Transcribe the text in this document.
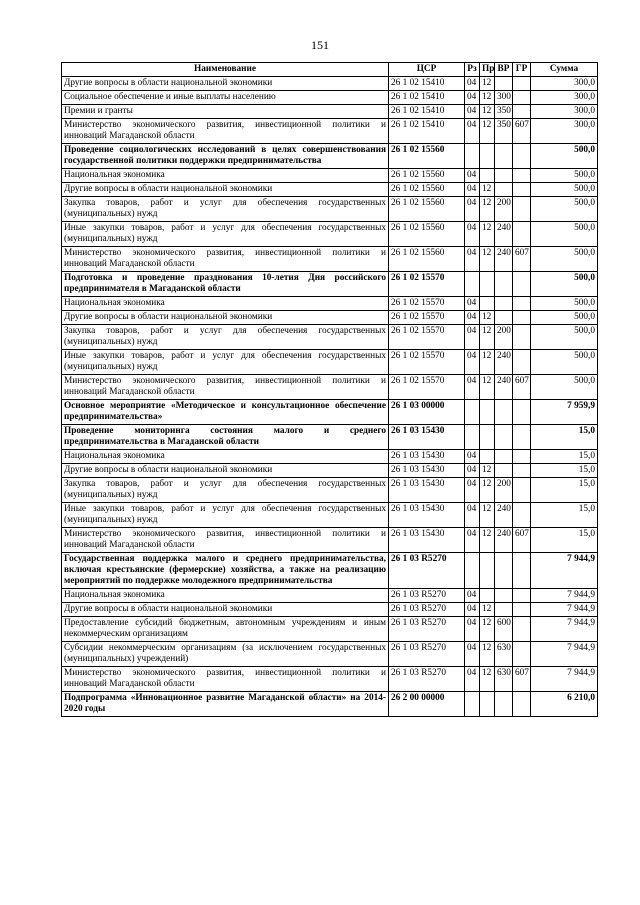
151
Наименование	ЦСР	Рз	Пр	ВР	ГР	Сумма
Другие вопросы в области национальной экономики	26 1 02 15410	04	12			300,0
Социальное обеспечение и иные выплаты населению	26 1 02 15410	04	12	300		300,0
Премии и гранты	26 1 02 15410	04	12	350		300,0
Министерство экономического развития, инвестиционной политики и инноваций Магаданской области	26 1 02 15410	04	12	350	607	300,0
Проведение социологических исследований в целях совершенствования государственной политики поддержки предпринимательства	26 1 02 15560					500,0
Национальная экономика	26 1 02 15560	04				500,0
Другие вопросы в области национальной экономики	26 1 02 15560	04	12			500,0
Закупка товаров, работ и услуг для обеспечения государственных (муниципальных) нужд	26 1 02 15560	04	12	200		500,0
Иные закупки товаров, работ и услуг для обеспечения государственных (муниципальных) нужд	26 1 02 15560	04	12	240		500,0
Министерство экономического развития, инвестиционной политики и инноваций Магаданской области	26 1 02 15560	04	12	240	607	500,0
Подготовка и проведение празднования 10-летия Дня российского предпринимателя в Магаданской области	26 1 02 15570					500,0
Национальная экономика	26 1 02 15570	04				500,0
Другие вопросы в области национальной экономики	26 1 02 15570	04	12			500,0
Закупка товаров, работ и услуг для обеспечения государственных (муниципальных) нужд	26 1 02 15570	04	12	200		500,0
Иные закупки товаров, работ и услуг для обеспечения государственных (муниципальных) нужд	26 1 02 15570	04	12	240		500,0
Министерство экономического развития, инвестиционной политики и инноваций Магаданской области	26 1 02 15570	04	12	240	607	500,0
Основное мероприятие «Методическое и консультационное обеспечение предпринимательства»	26 1 03 00000					7 959,9
Проведение мониторинга состояния малого и среднего предпринимательства в Магаданской области	26 1 03 15430					15,0
Национальная экономика	26 1 03 15430	04				15,0
Другие вопросы в области национальной экономики	26 1 03 15430	04	12			15,0
Закупка товаров, работ и услуг для обеспечения государственных (муниципальных) нужд	26 1 03 15430	04	12	200		15,0
Иные закупки товаров, работ и услуг для обеспечения государственных (муниципальных) нужд	26 1 03 15430	04	12	240		15,0
Министерство экономического развития, инвестиционной политики и инноваций Магаданской области	26 1 03 15430	04	12	240	607	15,0
Государственная поддержка малого и среднего предпринимательства, включая крестьянские (фермерские) хозяйства, а также на реализацию мероприятий по поддержке молодежного предпринимательства	26 1 03 R5270					7 944,9
Национальная экономика	26 1 03 R5270	04				7 944,9
Другие вопросы в области национальной экономики	26 1 03 R5270	04	12			7 944,9
Предоставление субсидий бюджетным, автономным учреждениям и иным некоммерческим организациям	26 1 03 R5270	04	12	600		7 944,9
Субсидии некоммерческим организациям (за исключением государственных (муниципальных) учреждений)	26 1 03 R5270	04	12	630		7 944,9
Министерство экономического развития, инвестиционной политики и инноваций Магаданской области	26 1 03 R5270	04	12	630	607	7 944,9
Подпрограмма «Инновационное развитие Магаданской области» на 2014-2020 годы	26 2 00 00000					6 210,0
